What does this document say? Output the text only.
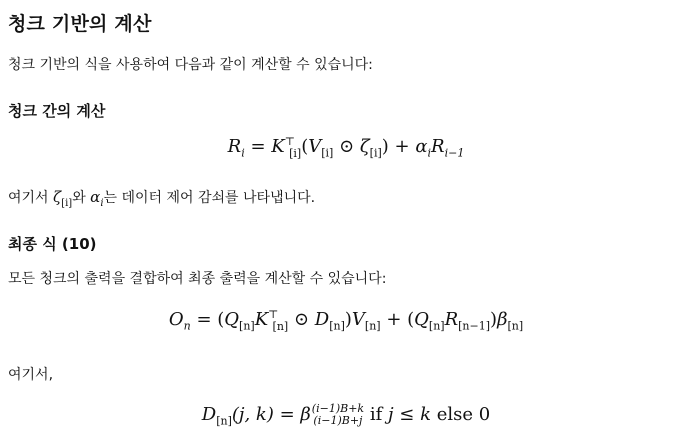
청크 기반의 계산
청크 기반의 식을 사용하여 다음과 같이 계산할 수 있습니다:
청크 간의 계산
$R_i = K^⊤_{[i]}(V_{[i]}$ ⊙ $\zeta_{[i]}) + \alpha_iR_{i-1}$
여기서 $\zeta_{[i]}$와 $\alpha_i$는 데이터 제어 감쇠를 나타냅니다.
최종 식 (10)
모든 청크의 출력을 결합하여 최종 출력을 계산할 수 있습니다:
$O_n = (Q_{[n]}K^⊤_{[n]}$ ⊙ $D_{[n]})V_{[n]} + (Q_{[n]}R_{[n-1]})\beta_{[n]}$
여기서,
$D_{[n]}(j$, k) = β (i−1)B+k
(i−1)B+j if j ≤ k else 0
